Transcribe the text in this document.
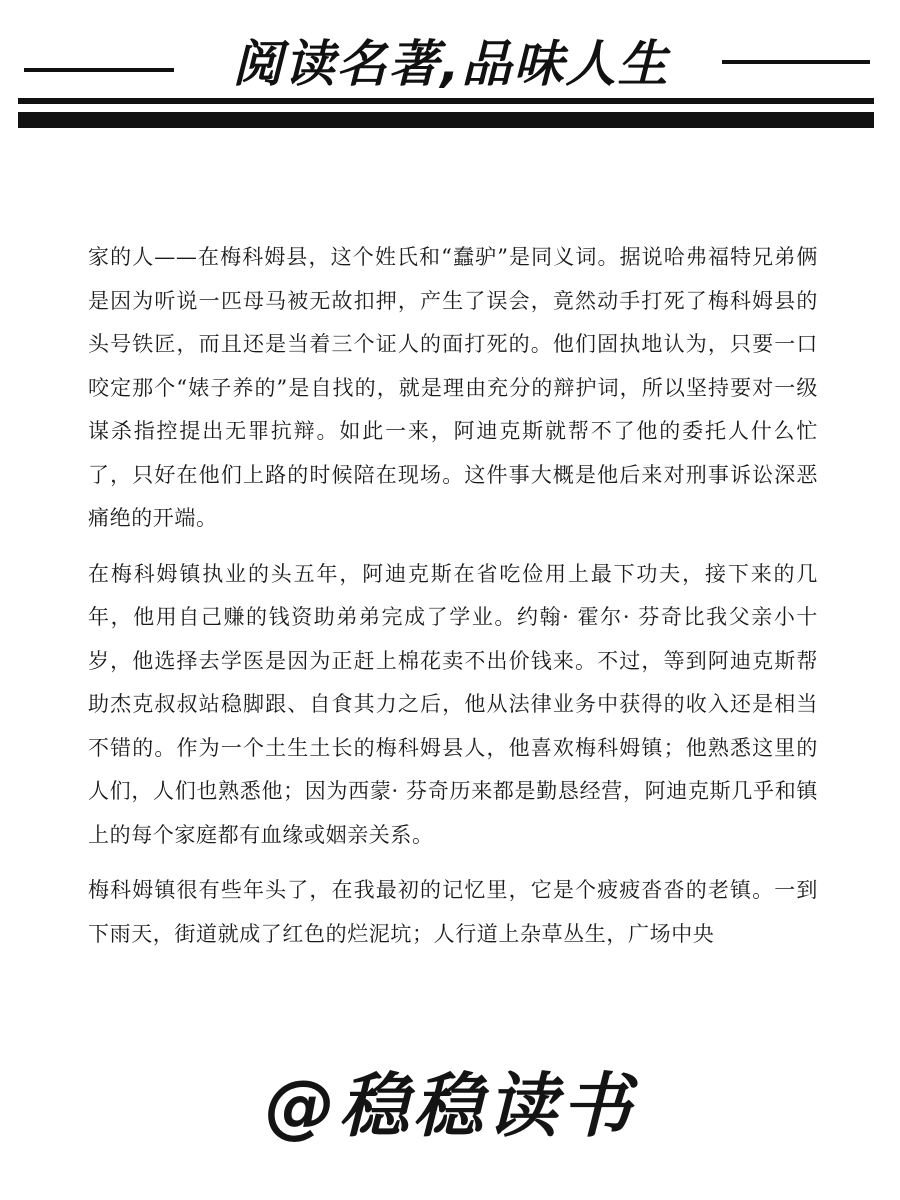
阅读名著,品味人生

家的人——在梅科姆县，这个姓氏和“蠢驴”是同义词。据说哈弗福特兄弟俩是因为听说一匹母马被无故扣押，产生了误会，竟然动手打死了梅科姆县的头号铁匠，而且还是当着三个证人的面打死的。他们固执地认为，只要一口咬定那个“婊子养的”是自找的，就是理由充分的辩护词，所以坚持要对一级谋杀指控提出无罪抗辩。如此一来，阿迪克斯就帮不了他的委托人什么忙了，只好在他们上路的时候陪在现场。这件事大概是他后来对刑事诉讼深恶痛绝的开端。

在梅科姆镇执业的头五年，阿迪克斯在省吃俭用上最下功夫，接下来的几年，他用自己赚的钱资助弟弟完成了学业。约翰· 霍尔· 芬奇比我父亲小十岁，他选择去学医是因为正赶上棉花卖不出价钱来。不过，等到阿迪克斯帮助杰克叔叔站稳脚跟、自食其力之后，他从法律业务中获得的收入还是相当不错的。作为一个土生土长的梅科姆县人，他喜欢梅科姆镇；他熟悉这里的人们，人们也熟悉他；因为西蒙· 芬奇历来都是勤恳经营，阿迪克斯几乎和镇上的每个家庭都有血缘或姻亲关系。

梅科姆镇很有些年头了，在我最初的记忆里，它是个疲疲沓沓的老镇。一到下雨天，街道就成了红色的烂泥坑；人行道上杂草丛生，广场中央

@稳稳读书
